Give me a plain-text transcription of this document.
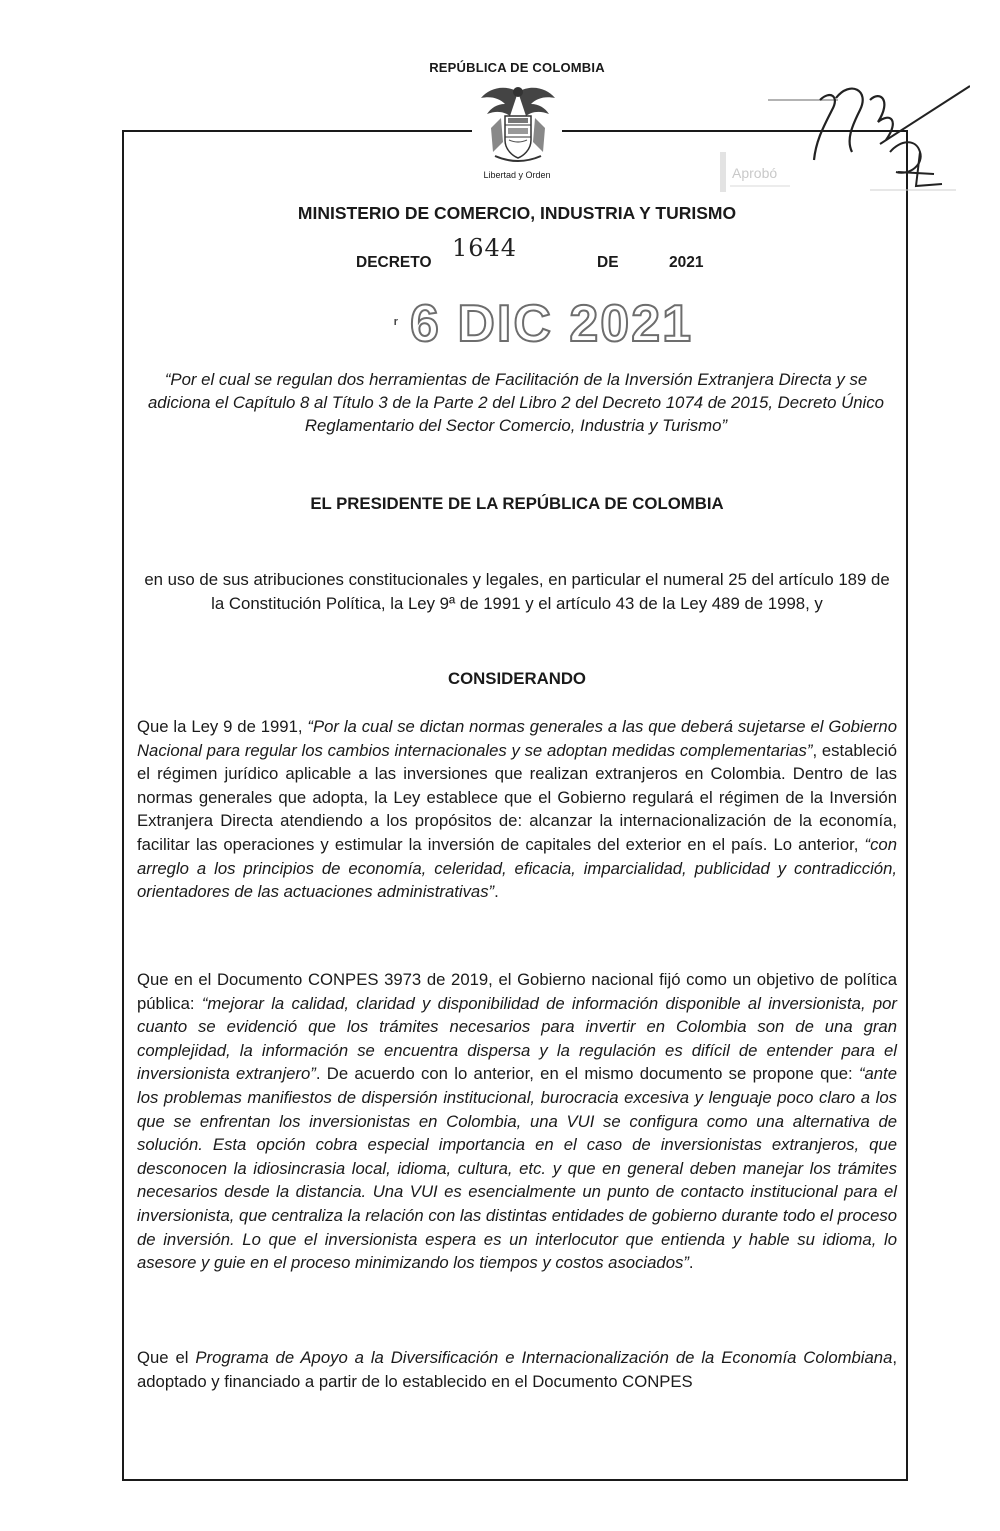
REPÚBLICA DE COLOMBIA
Libertad y Orden
MINISTERIO DE COMERCIO, INDUSTRIA Y TURISMO
DECRETO
1644
DE	2021
ʳ 6 DIC 2021
Aprobó
“Por el cual se regulan dos herramientas de Facilitación de la Inversión Extranjera Directa y se adiciona el Capítulo 8 al Título 3 de la Parte 2 del Libro 2 del Decreto 1074 de 2015, Decreto Único Reglamentario del Sector Comercio, Industria y Turismo”
EL PRESIDENTE DE LA REPÚBLICA DE COLOMBIA
en uso de sus atribuciones constitucionales y legales, en particular el numeral 25 del artículo 189 de la Constitución Política, la Ley 9ª de 1991 y el artículo 43 de la Ley 489 de 1998, y
CONSIDERANDO

Que la Ley 9 de 1991, “Por la cual se dictan normas generales a las que deberá sujetarse el Gobierno Nacional para regular los cambios internacionales y se adoptan medidas complementarias”, estableció el régimen jurídico aplicable a las inversiones que realizan extranjeros en Colombia. Dentro de las normas generales que adopta, la Ley establece que el Gobierno regulará el régimen de la Inversión Extranjera Directa atendiendo a los propósitos de: alcanzar la internacionalización de la economía, facilitar las operaciones y estimular la inversión de capitales del exterior en el país. Lo anterior, “con arreglo a los principios de economía, celeridad, eficacia, imparcialidad, publicidad y contradicción, orientadores de las actuaciones administrativas”.

Que en el Documento CONPES 3973 de 2019, el Gobierno nacional fijó como un objetivo de política pública: “mejorar la calidad, claridad y disponibilidad de información disponible al inversionista, por cuanto se evidenció que los trámites necesarios para invertir en Colombia son de una gran complejidad, la información se encuentra dispersa y la regulación es difícil de entender para el inversionista extranjero”. De acuerdo con lo anterior, en el mismo documento se propone que: “ante los problemas manifiestos de dispersión institucional, burocracia excesiva y lenguaje poco claro a los que se enfrentan los inversionistas en Colombia, una VUI se configura como una alternativa de solución. Esta opción cobra especial importancia en el caso de inversionistas extranjeros, que desconocen la idiosincrasia local, idioma, cultura, etc. y que en general deben manejar los trámites necesarios desde la distancia. Una VUI es esencialmente un punto de contacto institucional para el inversionista, que centraliza la relación con las distintas entidades de gobierno durante todo el proceso de inversión. Lo que el inversionista espera es un interlocutor que entienda y hable su idioma, lo asesore y guie en el proceso minimizando los tiempos y costos asociados”.

Que el Programa de Apoyo a la Diversificación e Internacionalización de la Economía Colombiana, adoptado y financiado a partir de lo establecido en el Documento CONPES
